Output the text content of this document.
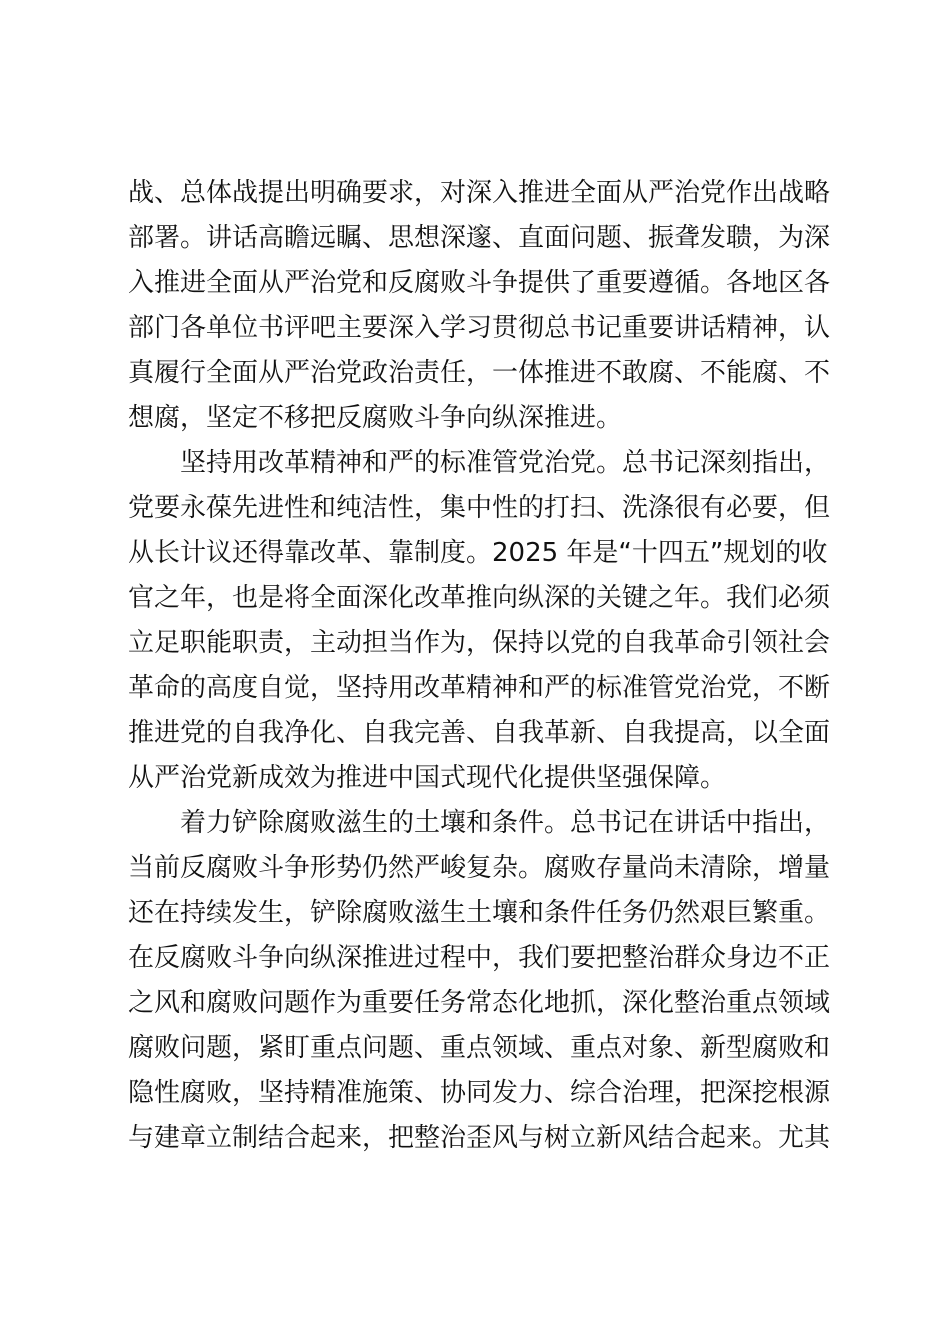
战、总体战提出明确要求，对深入推进全面从严治党作出战略
部署。讲话高瞻远瞩、思想深邃、直面问题、振聋发聩，为深
入推进全面从严治党和反腐败斗争提供了重要遵循。各地区各
部门各单位书评吧主要深入学习贯彻总书记重要讲话精神，认
真履行全面从严治党政治责任，一体推进不敢腐、不能腐、不
想腐，坚定不移把反腐败斗争向纵深推进。

坚持用改革精神和严的标准管党治党。总书记深刻指出，
党要永葆先进性和纯洁性，集中性的打扫、洗涤很有必要，但
从长计议还得靠改革、靠制度。2025 年是“十四五”规划的收
官之年，也是将全面深化改革推向纵深的关键之年。我们必须
立足职能职责，主动担当作为，保持以党的自我革命引领社会
革命的高度自觉，坚持用改革精神和严的标准管党治党，不断
推进党的自我净化、自我完善、自我革新、自我提高，以全面
从严治党新成效为推进中国式现代化提供坚强保障。

着力铲除腐败滋生的土壤和条件。总书记在讲话中指出，
当前反腐败斗争形势仍然严峻复杂。腐败存量尚未清除，增量
还在持续发生，铲除腐败滋生土壤和条件任务仍然艰巨繁重。
在反腐败斗争向纵深推进过程中，我们要把整治群众身边不正
之风和腐败问题作为重要任务常态化地抓，深化整治重点领域
腐败问题，紧盯重点问题、重点领域、重点对象、新型腐败和
隐性腐败，坚持精准施策、协同发力、综合治理，把深挖根源
与建章立制结合起来，把整治歪风与树立新风结合起来。尤其
